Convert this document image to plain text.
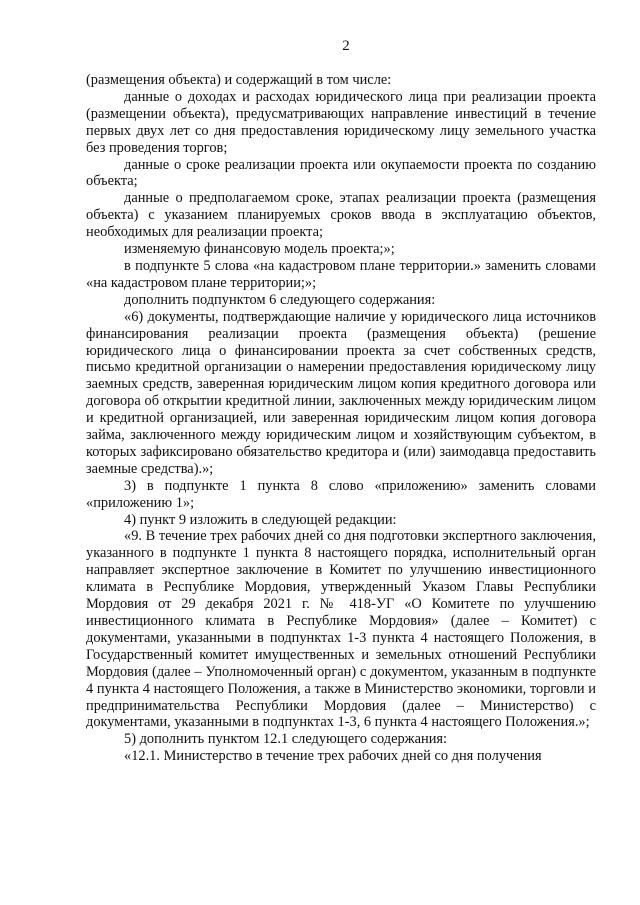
2

(размещения объекта) и содержащий в том числе:

данные о доходах и расходах юридического лица при реализации проекта (размещении объекта), предусматривающих направление инвестиций в течение первых двух лет со дня предоставления юридическому лицу земельного участка без проведения торгов;

данные о сроке реализации проекта или окупаемости проекта по созданию объекта;

данные о предполагаемом сроке, этапах реализации проекта (размещения объекта) с указанием планируемых сроков ввода в эксплуатацию объектов, необходимых для реализации проекта;

изменяемую финансовую модель проекта;»;

в подпункте 5 слова «на кадастровом плане территории.» заменить словами «на кадастровом плане территории;»;

дополнить подпунктом 6 следующего содержания:

«6) документы, подтверждающие наличие у юридического лица источников финансирования реализации проекта (размещения объекта) (решение юридического лица о финансировании проекта за счет собственных средств, письмо кредитной организации о намерении предоставления юридическому лицу заемных средств, заверенная юридическим лицом копия кредитного договора или договора об открытии кредитной линии, заключенных между юридическим лицом и кредитной организацией, или заверенная юридическим лицом копия договора займа, заключенного между юридическим лицом и хозяйствующим субъектом, в которых зафиксировано обязательство кредитора и (или) заимодавца предоставить заемные средства).»;

3) в подпункте 1 пункта 8 слово «приложению» заменить словами «приложению 1»;

4) пункт 9 изложить в следующей редакции:

«9. В течение трех рабочих дней со дня подготовки экспертного заключения, указанного в подпункте 1 пункта 8 настоящего порядка, исполнительный орган направляет экспертное заключение в Комитет по улучшению инвестиционного климата в Республике Мордовия, утвержденный Указом Главы Республики Мордовия от 29 декабря 2021 г. № 418-УГ «О Комитете по улучшению инвестиционного климата в Республике Мордовия» (далее – Комитет) с документами, указанными в подпунктах 1-3 пункта 4 настоящего Положения, в Государственный комитет имущественных и земельных отношений Республики Мордовия (далее – Уполномоченный орган) с документом, указанным в подпункте 4 пункта 4 настоящего Положения, а также в Министерство экономики, торговли и предпринимательства Республики Мордовия (далее – Министерство) с документами, указанными в подпунктах 1-3, 6 пункта 4 настоящего Положения.»;

5) дополнить пунктом 12.1 следующего содержания:

«12.1. Министерство в течение трех рабочих дней со дня получения
